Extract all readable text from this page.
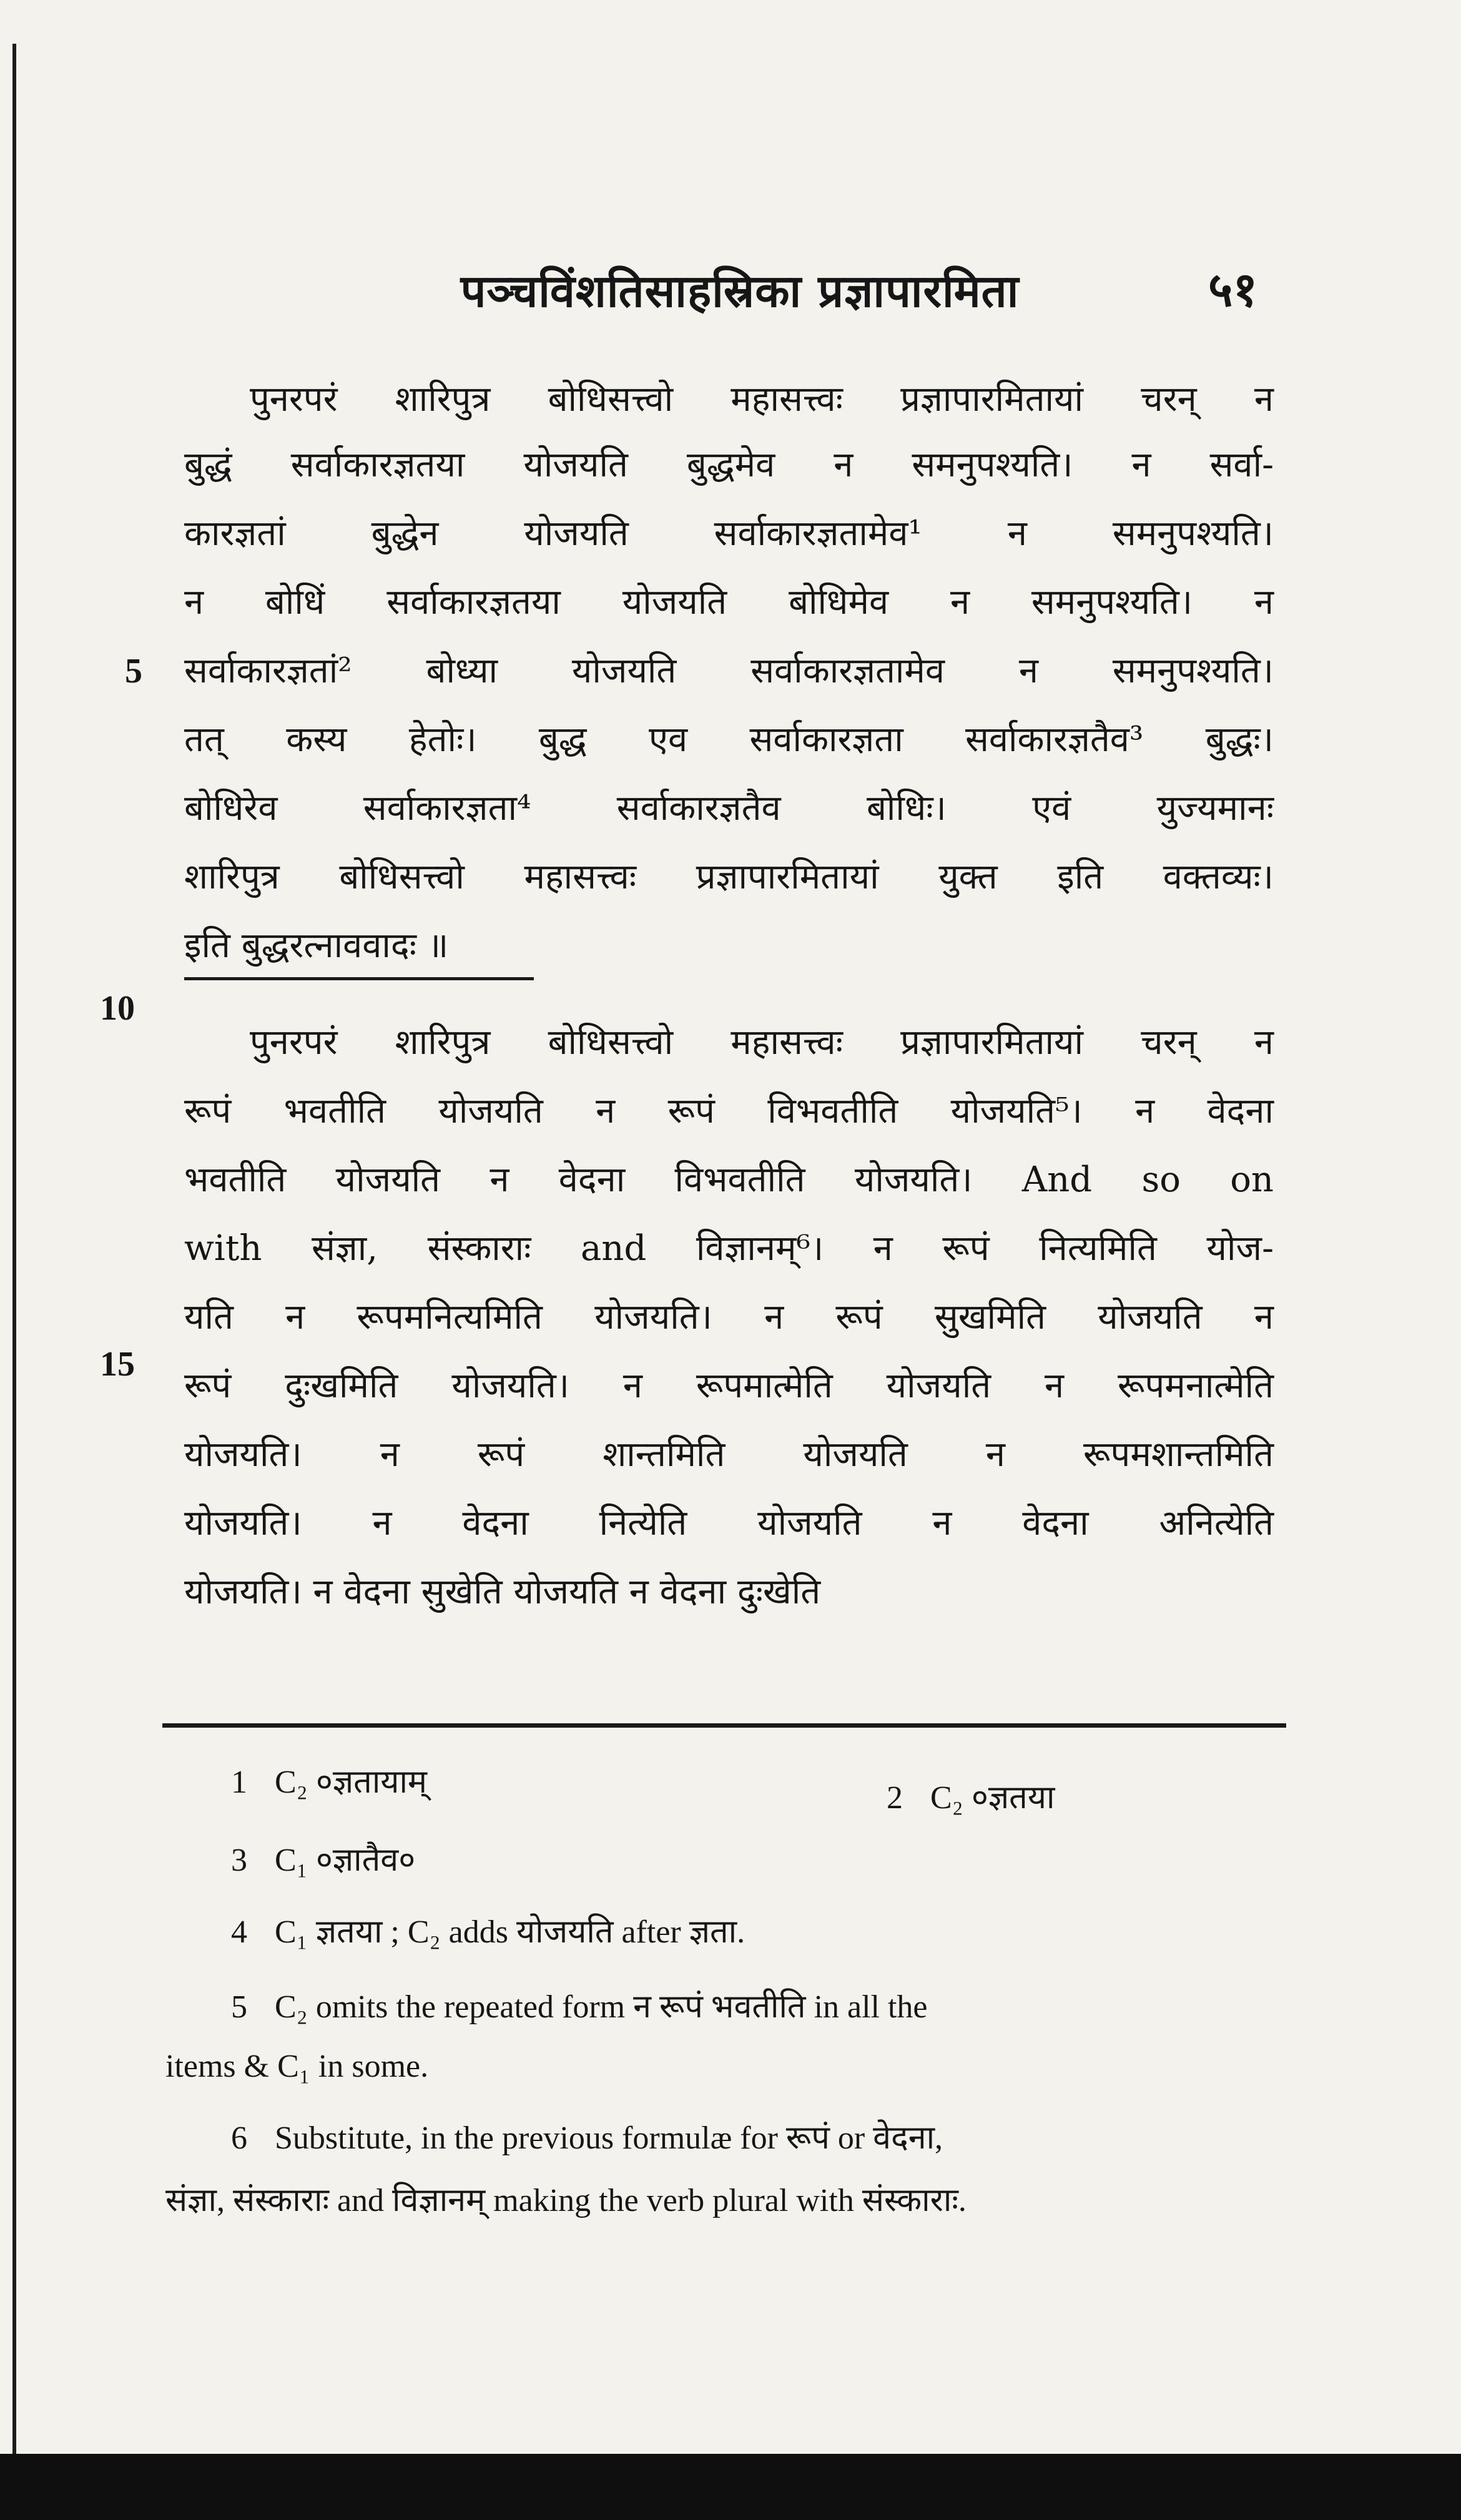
पञ्चविंशतिसाहस्रिका प्रज्ञापारमिता	५१
पुनरपरं शारिपुत्र बोधिसत्त्वो महासत्त्वः प्रज्ञापारमितायां चरन् न
बुद्धं सर्वाकारज्ञतया योजयति बुद्धमेव न समनुपश्यति। न सर्वा-
कारज्ञतां बुद्धेन योजयति सर्वाकारज्ञतामेव¹ न समनुपश्यति।
न बोधिं सर्वाकारज्ञतया योजयति बोधिमेव न समनुपश्यति। न
सर्वाकारज्ञतां² बोध्या योजयति सर्वाकारज्ञतामेव न समनुपश्यति।
तत् कस्य हेतोः। बुद्ध एव सर्वाकारज्ञता सर्वाकारज्ञतैव³ बुद्धः।
बोधिरेव सर्वाकारज्ञता⁴ सर्वाकारज्ञतैव बोधिः। एवं युज्यमानः
शारिपुत्र बोधिसत्त्वो महासत्त्वः प्रज्ञापारमितायां युक्त इति वक्तव्यः।
इति बुद्धरत्नाववादः ॥
पुनरपरं शारिपुत्र बोधिसत्त्वो महासत्त्वः प्रज्ञापारमितायां चरन् न
रूपं भवतीति योजयति न रूपं विभवतीति योजयति⁵। न वेदना
भवतीति योजयति न वेदना विभवतीति योजयति। And so on
with संज्ञा, संस्काराः and विज्ञानम्⁶। न रूपं नित्यमिति योज-
यति न रूपमनित्यमिति योजयति। न रूपं सुखमिति योजयति न
रूपं दुःखमिति योजयति। न रूपमात्मेति योजयति न रूपमनात्मेति
योजयति। न रूपं शान्तमिति योजयति न रूपमशान्तमिति
योजयति। न वेदना नित्येति योजयति न वेदना अनित्येति
योजयति। न वेदना सुखेति योजयति न वेदना दुःखेति
5
10
15
1 C₂ ०ज्ञतायाम्	2 C₂ ०ज्ञतया
3 C₁ ०ज्ञातैव०
4 C₁ ज्ञतया ; C₂ adds योजयति after ज्ञता.
5 C₂ omits the repeated form न रूपं भवतीति in all the
items & C₁ in some.
6 Substitute, in the previous formulæ for रूपं or वेदना,
संज्ञा, संस्काराः and विज्ञानम् making the verb plural with संस्काराः.
